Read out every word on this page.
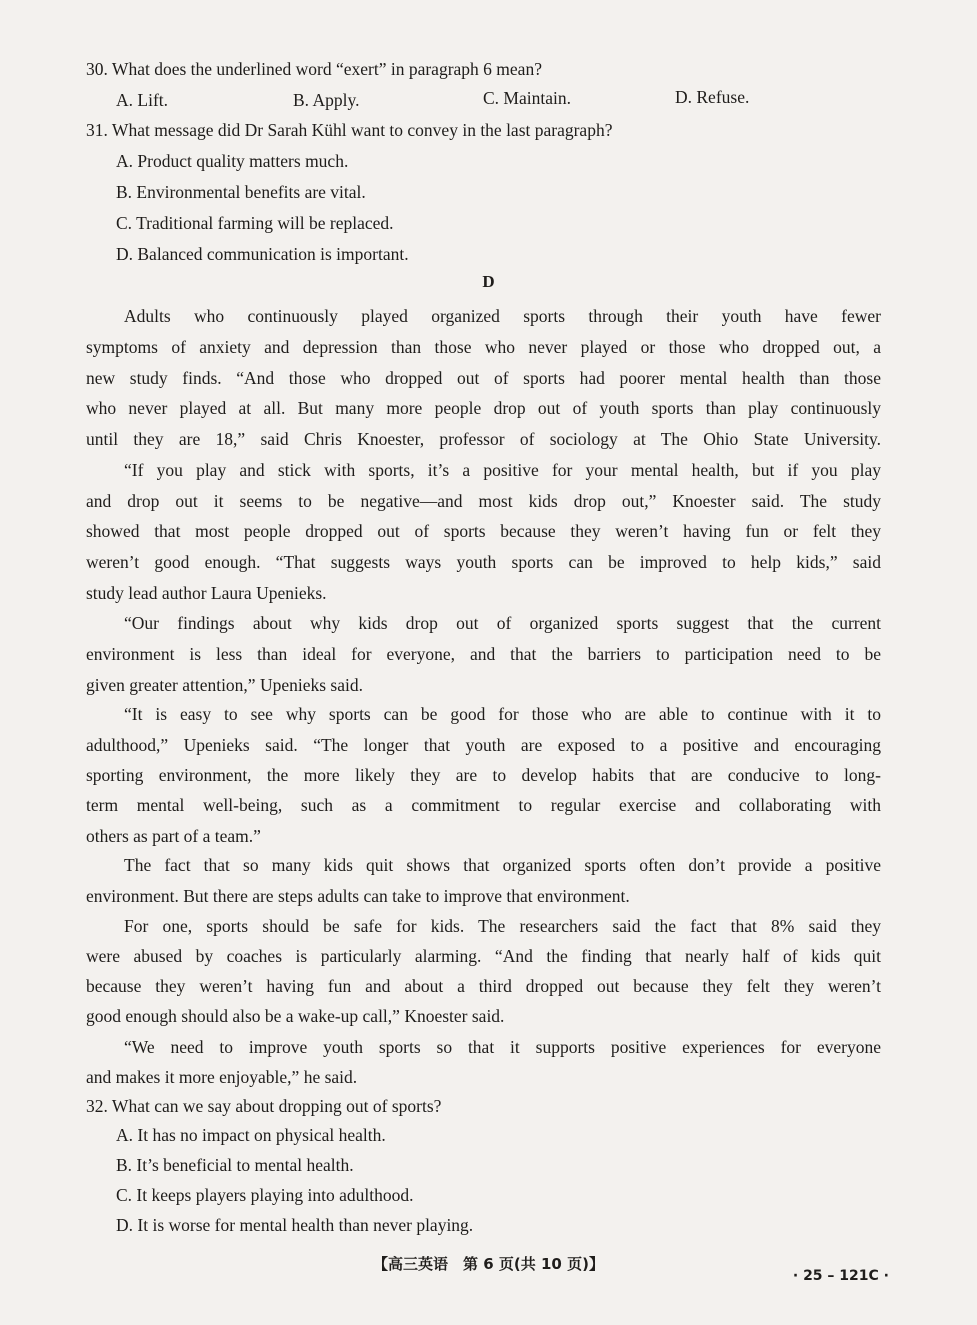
30. What does the underlined word “exert” in paragraph 6 mean?
A. Lift.	B. Apply.	C. Maintain.	D. Refuse.
31. What message did Dr Sarah Kühl want to convey in the last paragraph?
A. Product quality matters much.
B. Environmental benefits are vital.
C. Traditional farming will be replaced.
D. Balanced communication is important.
D
Adults who continuously played organized sports through their youth have fewer
symptoms of anxiety and depression than those who never played or those who dropped out, a
new study finds. “And those who dropped out of sports had poorer mental health than those
who never played at all. But many more people drop out of youth sports than play continuously
until they are 18,” said Chris Knoester, professor of sociology at The Ohio State University.
“If you play and stick with sports, it’s a positive for your mental health, but if you play
and drop out it seems to be negative—and most kids drop out,” Knoester said. The study
showed that most people dropped out of sports because they weren’t having fun or felt they
weren’t good enough. “That suggests ways youth sports can be improved to help kids,” said
study lead author Laura Upenieks.
“Our findings about why kids drop out of organized sports suggest that the current
environment is less than ideal for everyone, and that the barriers to participation need to be
given greater attention,” Upenieks said.
“It is easy to see why sports can be good for those who are able to continue with it to
adulthood,” Upenieks said. “The longer that youth are exposed to a positive and encouraging
sporting environment, the more likely they are to develop habits that are conducive to long-
term mental well-being, such as a commitment to regular exercise and collaborating with
others as part of a team.”
The fact that so many kids quit shows that organized sports often don’t provide a positive
environment. But there are steps adults can take to improve that environment.
For one, sports should be safe for kids. The researchers said the fact that 8% said they
were abused by coaches is particularly alarming. “And the finding that nearly half of kids quit
because they weren’t having fun and about a third dropped out because they felt they weren’t
good enough should also be a wake-up call,” Knoester said.
“We need to improve youth sports so that it supports positive experiences for everyone
and makes it more enjoyable,” he said.
32. What can we say about dropping out of sports?
A. It has no impact on physical health.
B. It’s beneficial to mental health.
C. It keeps players playing into adulthood.
D. It is worse for mental health than never playing.
【高三英语　第 6 页(共 10 页)】
· 25 – 121C ·
